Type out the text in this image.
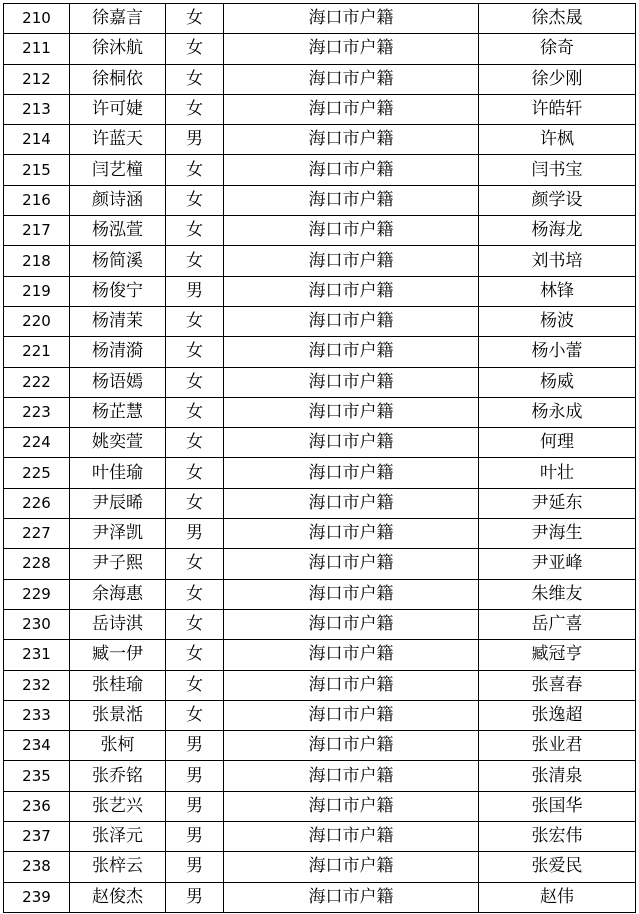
210	徐嘉言	女	海口市户籍	徐杰晟
211	徐沐航	女	海口市户籍	徐奇
212	徐桐依	女	海口市户籍	徐少刚
213	许可婕	女	海口市户籍	许皓轩
214	许蓝天	男	海口市户籍	许枫
215	闫艺橦	女	海口市户籍	闫书宝
216	颜诗涵	女	海口市户籍	颜学设
217	杨泓萱	女	海口市户籍	杨海龙
218	杨简溪	女	海口市户籍	刘书培
219	杨俊宁	男	海口市户籍	林锋
220	杨清茉	女	海口市户籍	杨波
221	杨清漪	女	海口市户籍	杨小蕾
222	杨语嫣	女	海口市户籍	杨威
223	杨芷慧	女	海口市户籍	杨永成
224	姚奕萱	女	海口市户籍	何理
225	叶佳瑜	女	海口市户籍	叶壮
226	尹辰晞	女	海口市户籍	尹延东
227	尹泽凯	男	海口市户籍	尹海生
228	尹子熙	女	海口市户籍	尹亚峰
229	余海惠	女	海口市户籍	朱维友
230	岳诗淇	女	海口市户籍	岳广喜
231	臧一伊	女	海口市户籍	臧冠亨
232	张桂瑜	女	海口市户籍	张喜春
233	张景湉	女	海口市户籍	张逸超
234	张柯	男	海口市户籍	张业君
235	张乔铭	男	海口市户籍	张清泉
236	张艺兴	男	海口市户籍	张国华
237	张泽元	男	海口市户籍	张宏伟
238	张梓云	男	海口市户籍	张爱民
239	赵俊杰	男	海口市户籍	赵伟
